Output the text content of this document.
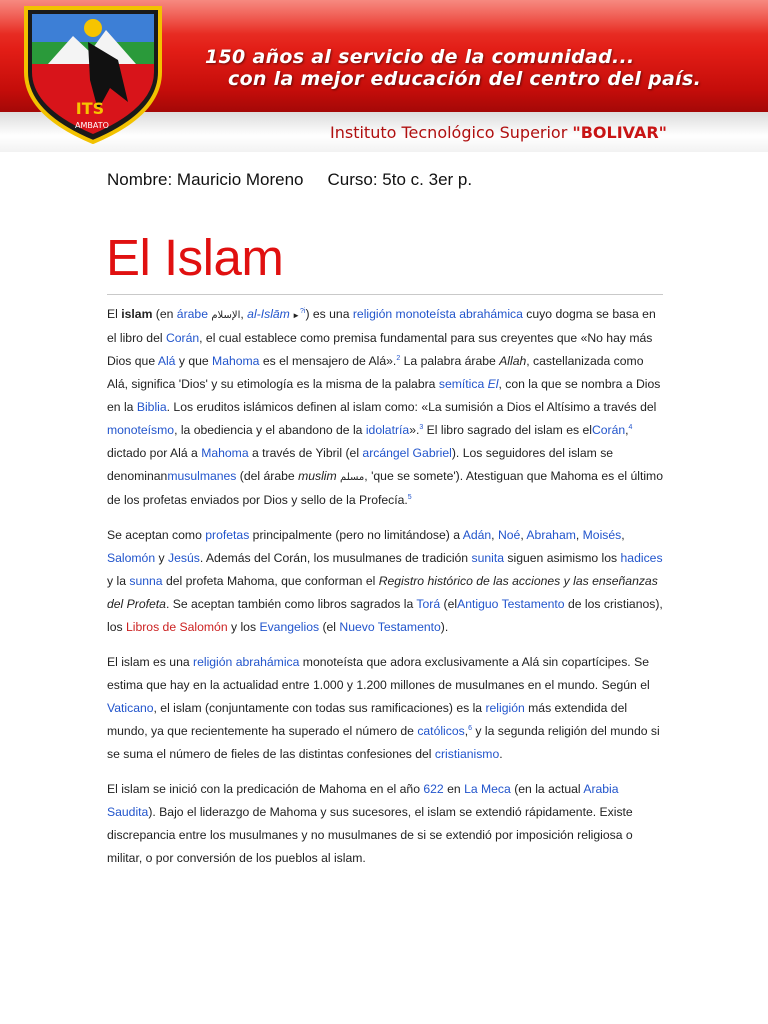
ITS
AMBATO
150 años al servicio de la comunidad...
con la mejor educación del centro del país.
Instituto Tecnológico Superior "BOLIVAR"
Nombre: Mauricio Moreno Curso: 5to c. 3er p.
El Islam

El islam (en árabe الإسلام, al-Islām ►$^{?i}$) es una religión monoteísta abrahámica cuyo dogma se basa en el libro del Corán, el cual establece como premisa fundamental para sus creyentes que «No hay más Dios que Alá y que Mahoma es el mensajero de Alá».$^2$ La palabra árabe Allah, castellanizada como Alá, significa 'Dios' y su etimología es la misma de la palabra semítica El, con la que se nombra a Dios en la Biblia. Los eruditos islámicos definen al islam como: «La sumisión a Dios el Altísimo a través del monoteísmo, la obediencia y el abandono de la idolatría».$^3$ El libro sagrado del islam es elCorán,$^4$ dictado por Alá a Mahoma a través de Yibril (el arcángel Gabriel). Los seguidores del islam se denominanmusulmanes (del árabe muslim مسلم, 'que se somete'). Atestiguan que Mahoma es el último de los profetas enviados por Dios y sello de la Profecía.$^5$

Se aceptan como profetas principalmente (pero no limitándose) a Adán, Noé, Abraham, Moisés, Salomón y Jesús. Además del Corán, los musulmanes de tradición sunita siguen asimismo los hadices y la sunna del profeta Mahoma, que conforman el Registro histórico de las acciones y las enseñanzas del Profeta. Se aceptan también como libros sagrados la Torá (elAntiguo Testamento de los cristianos), los Libros de Salomón y los Evangelios (el Nuevo Testamento).

El islam es una religión abrahámica monoteísta que adora exclusivamente a Alá sin copartícipes. Se estima que hay en la actualidad entre 1.000 y 1.200 millones de musulmanes en el mundo. Según el Vaticano, el islam (conjuntamente con todas sus ramificaciones) es la religión más extendida del mundo, ya que recientemente ha superado el número de católicos,$^6$ y la segunda religión del mundo si se suma el número de fieles de las distintas confesiones del cristianismo.

El islam se inició con la predicación de Mahoma en el año 622 en La Meca (en la actual Arabia Saudita). Bajo el liderazgo de Mahoma y sus sucesores, el islam se extendió rápidamente. Existe discrepancia entre los musulmanes y no musulmanes de si se extendió por imposición religiosa o militar, o por conversión de los pueblos al islam.
